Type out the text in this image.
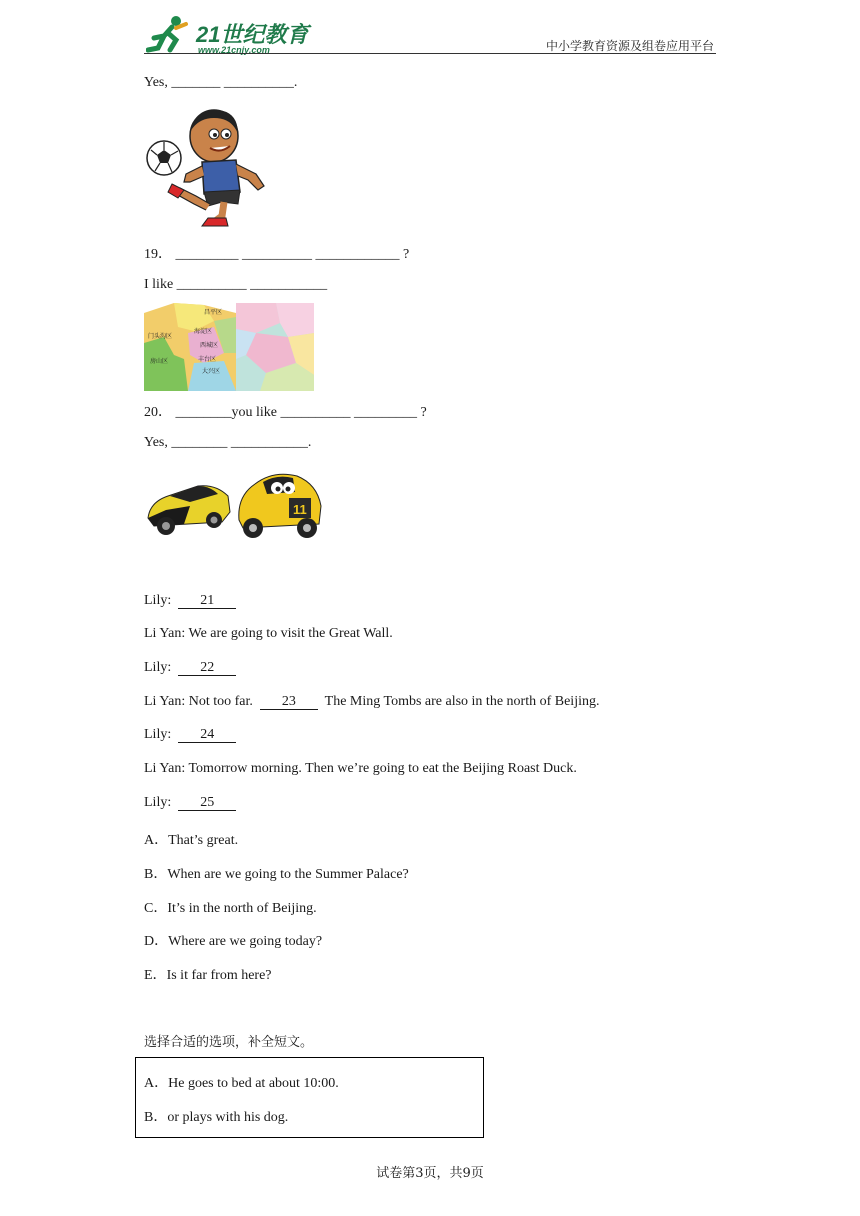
21世纪教育
www.21cnjy.com	中小学教育资源及组卷应用平台
Yes, _______ __________.
19． _________ __________ ____________ ?
I like __________ ___________
昌平区
门头沟区
海淀区
西城区
丰台区
房山区
大兴区
20． ________you like __________ _________ ?
Yes, ________ ___________.
11
Lily: 21
Li Yan: We are going to visit the Great Wall.
Lily: 22
Li Yan: Not too far. 23 The Ming Tombs are also in the north of Beijing.
Lily: 24
Li Yan: Tomorrow morning. Then we’re going to eat the Beijing Roast Duck.
Lily: 25
A．That’s great.
B．When are we going to the Summer Palace?
C．It’s in the north of Beijing.
D．Where are we going today?
E．Is it far from here?
选择合适的选项，补全短文。
A．He goes to bed at about 10:00.
B．or plays with his dog.
试卷第3页，共9页
